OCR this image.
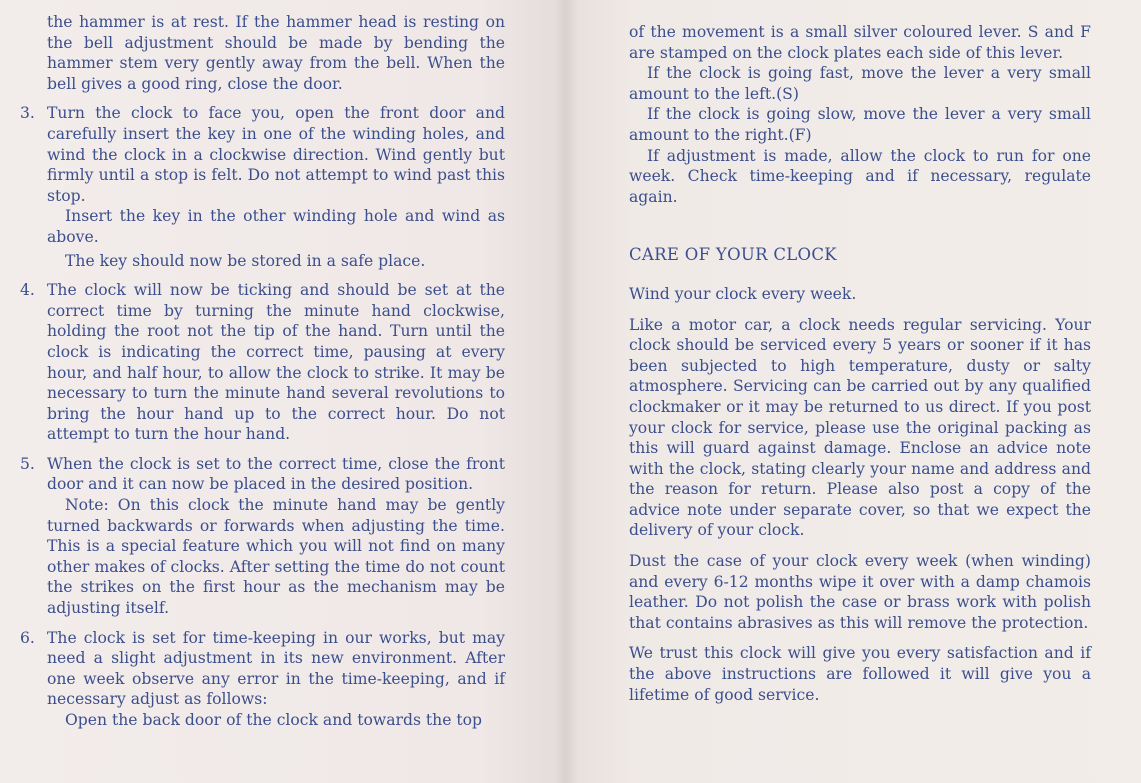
the hammer is at rest. If the hammer head is resting on the bell adjustment should be made by bending the hammer stem very gently away from the bell. When the bell gives a good ring, close the door.

3. Turn the clock to face you, open the front door and carefully insert the key in one of the winding holes, and wind the clock in a clockwise direction. Wind gently but firmly until a stop is felt. Do not attempt to wind past this stop.

Insert the key in the other winding hole and wind as above.

The key should now be stored in a safe place.

4. The clock will now be ticking and should be set at the correct time by turning the minute hand clockwise, holding the root not the tip of the hand. Turn until the clock is indicating the correct time, pausing at every hour, and half hour, to allow the clock to strike. It may be necessary to turn the minute hand several revolutions to bring the hour hand up to the correct hour. Do not attempt to turn the hour hand.

5. When the clock is set to the correct time, close the front door and it can now be placed in the desired position.

Note: On this clock the minute hand may be gently turned backwards or forwards when adjusting the time. This is a special feature which you will not find on many other makes of clocks. After setting the time do not count the strikes on the first hour as the mechanism may be adjusting itself.

6. The clock is set for time-keeping in our works, but may need a slight adjustment in its new environment. After one week observe any error in the time-keeping, and if necessary adjust as follows:

Open the back door of the clock and towards the top

of the movement is a small silver coloured lever. S and F are stamped on the clock plates each side of this lever.

If the clock is going fast, move the lever a very small amount to the left.(S)

If the clock is going slow, move the lever a very small amount to the right.(F)

If adjustment is made, allow the clock to run for one week. Check time-keeping and if necessary, regulate again.

CARE OF YOUR CLOCK

Wind your clock every week.

Like a motor car, a clock needs regular servicing. Your clock should be serviced every 5 years or sooner if it has been subjected to high temperature, dusty or salty atmosphere. Servicing can be carried out by any qualified clockmaker or it may be returned to us direct. If you post your clock for service, please use the original packing as this will guard against damage. Enclose an advice note with the clock, stating clearly your name and address and the reason for return. Please also post a copy of the advice note under separate cover, so that we expect the delivery of your clock.

Dust the case of your clock every week (when winding) and every 6-12 months wipe it over with a damp chamois leather. Do not polish the case or brass work with polish that contains abrasives as this will remove the protection.

We trust this clock will give you every satisfaction and if the above instructions are followed it will give you a lifetime of good service.
